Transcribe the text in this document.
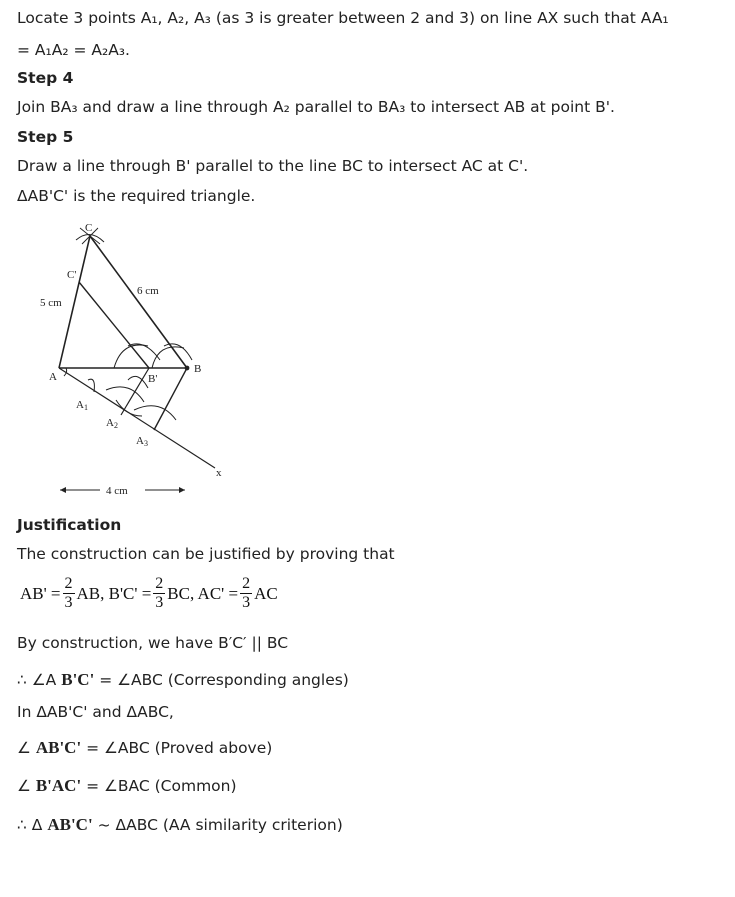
Locate 3 points A₁, A₂, A₃ (as 3 is greater between 2 and 3) on line AX such that AA₁
= A₁A₂ = A₂A₃.
Step 4
Join BA₃ and draw a line through A₂ parallel to BA₃ to intersect AB at point B'.
Step 5
Draw a line through B' parallel to the line BC to intersect AC at C'.
ΔAB'C' is the required triangle.
C
C'
A
B
B'
A1
A2
A3
x
5 cm
6 cm
4 cm
Justification
The construction can be justified by proving that
$AB' = \frac{2}{3}$ AB, $B'C' = \frac{2}{3}$ BC, $AC' = \frac{2}{3}$ AC
By construction, we have B′C′ || BC
∴ ∠A B'C' = ∠ABC (Corresponding angles)
In ΔAB'C' and ΔABC,
∠ AB'C' = ∠ABC (Proved above)
∠ B'AC' = ∠BAC (Common)
∴ Δ AB'C' ~ ΔABC (AA similarity criterion)
